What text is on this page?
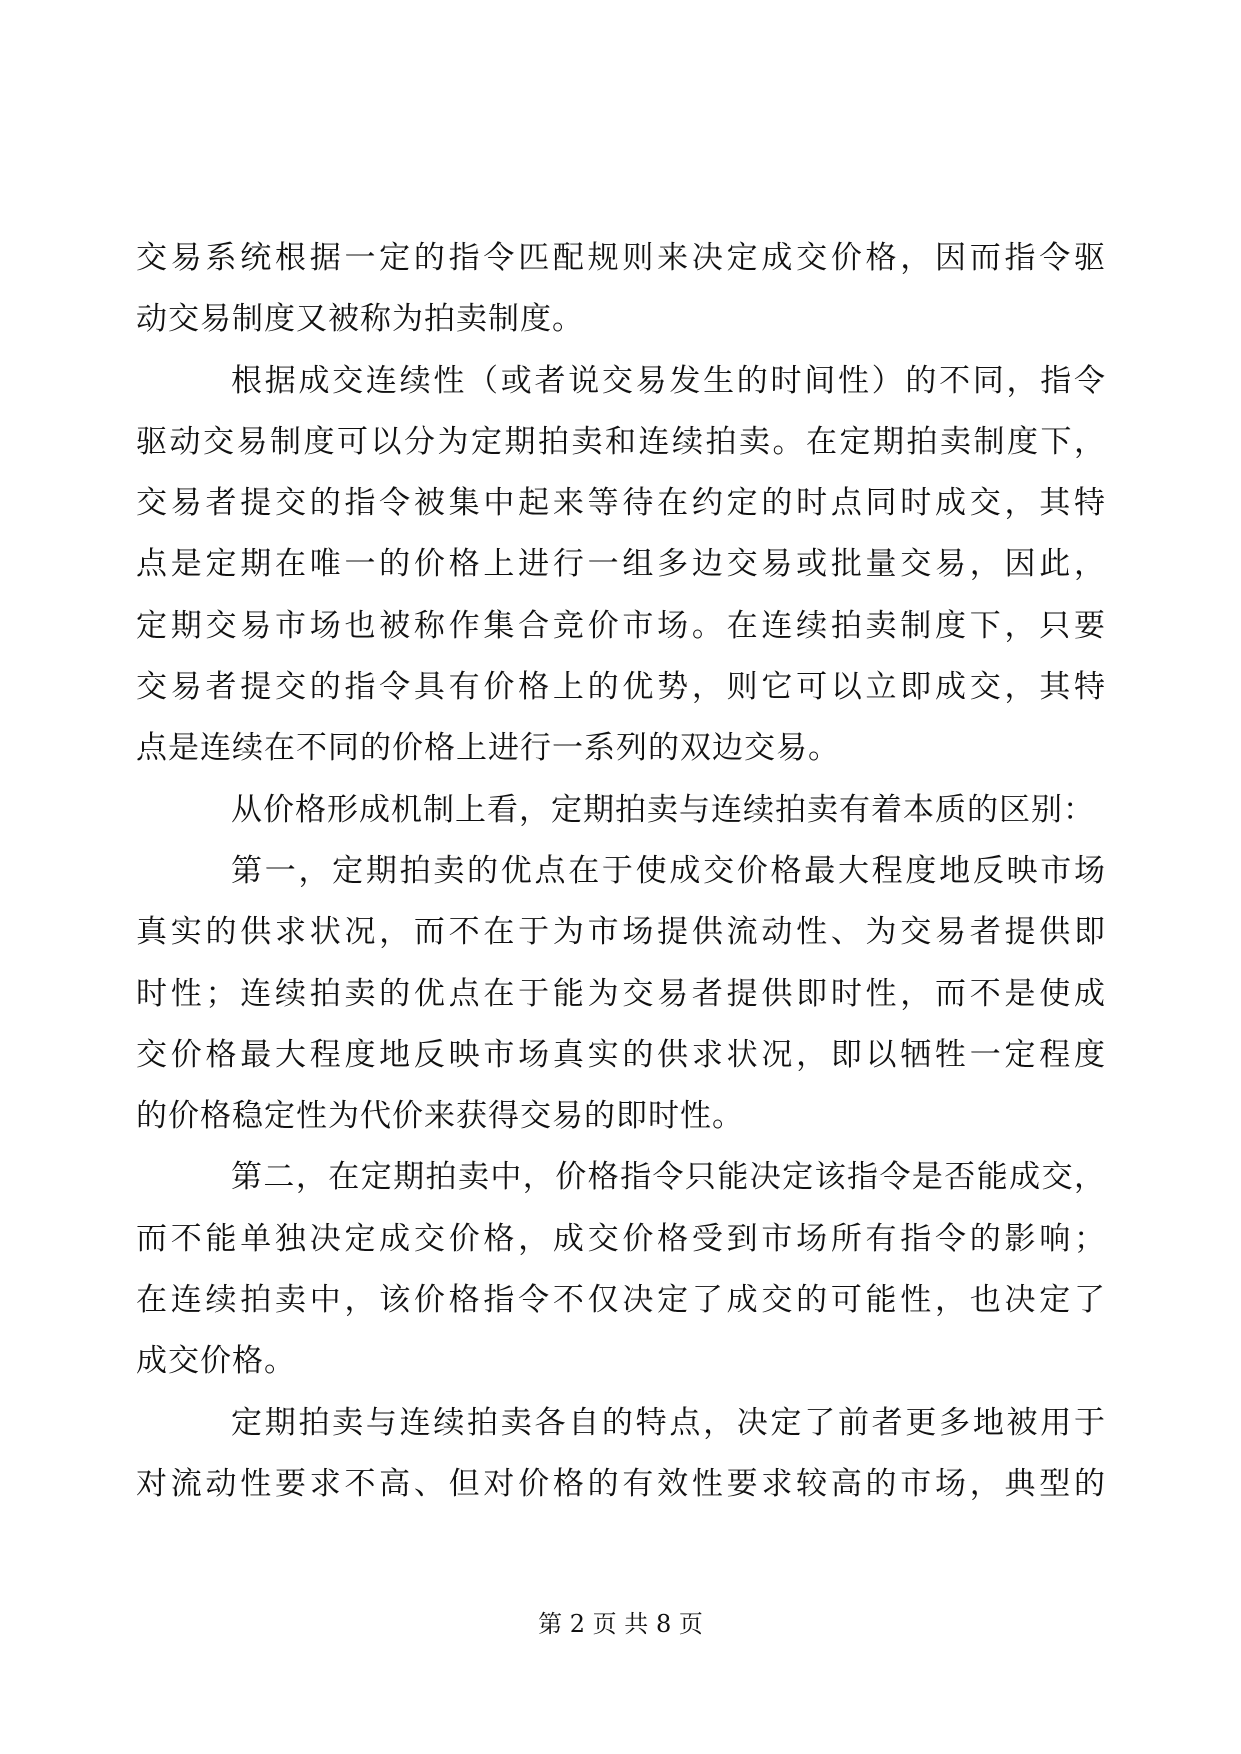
交易系统根据一定的指令匹配规则来决定成交价格，因而指令驱
动交易制度又被称为拍卖制度。
根据成交连续性（或者说交易发生的时间性）的不同，指令
驱动交易制度可以分为定期拍卖和连续拍卖。在定期拍卖制度下，
交易者提交的指令被集中起来等待在约定的时点同时成交，其特
点是定期在唯一的价格上进行一组多边交易或批量交易，因此，
定期交易市场也被称作集合竞价市场。在连续拍卖制度下，只要
交易者提交的指令具有价格上的优势，则它可以立即成交，其特
点是连续在不同的价格上进行一系列的双边交易。
从价格形成机制上看，定期拍卖与连续拍卖有着本质的区别：
第一，定期拍卖的优点在于使成交价格最大程度地反映市场
真实的供求状况，而不在于为市场提供流动性、为交易者提供即
时性；连续拍卖的优点在于能为交易者提供即时性，而不是使成
交价格最大程度地反映市场真实的供求状况，即以牺牲一定程度
的价格稳定性为代价来获得交易的即时性。
第二，在定期拍卖中，价格指令只能决定该指令是否能成交，
而不能单独决定成交价格，成交价格受到市场所有指令的影响；
在连续拍卖中，该价格指令不仅决定了成交的可能性，也决定了
成交价格。
定期拍卖与连续拍卖各自的特点，决定了前者更多地被用于
对流动性要求不高、但对价格的有效性要求较高的市场，典型的
第 2 页 共 8 页
